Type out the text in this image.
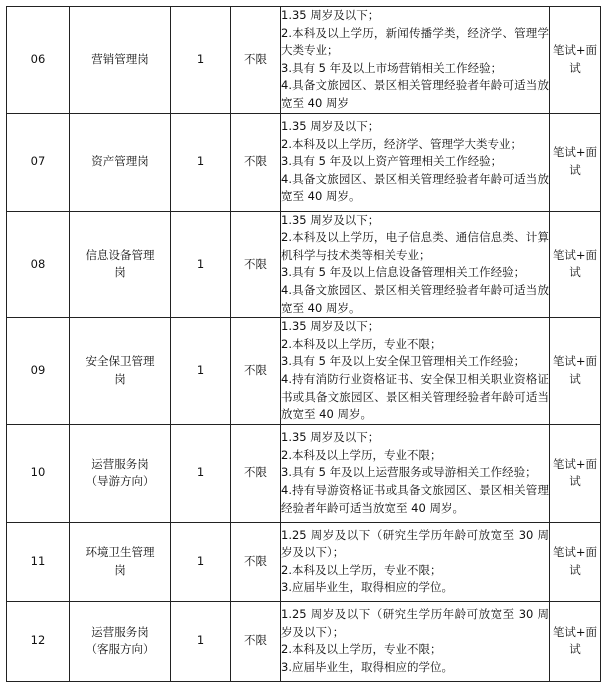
06	营销管理岗	1	不限	1.35 周岁及以下；
2.本科及以上学历，新闻传播学类，经济学、管理学大类专业；
3.具有 5 年及以上市场营销相关工作经验；
4.具备文旅园区、景区相关管理经验者年龄可适当放宽至 40 周岁	笔试+面试
07	资产管理岗	1	不限	1.35 周岁及以下；
2.本科及以上学历，经济学、管理学大类专业；
3.具有 5 年及以上资产管理相关工作经验；
4.具备文旅园区、景区相关管理经验者年龄可适当放宽至 40 周岁。	笔试+面试
08	信息设备管理
岗	1	不限	1.35 周岁及以下；
2.本科及以上学历，电子信息类、通信信息类、计算机科学与技术类等相关专业；
3.具有 5 年及以上信息设备管理相关工作经验；
4.具备文旅园区、景区相关管理经验者年龄可适当放宽至 40 周岁。	笔试+面试
09	安全保卫管理
岗	1	不限	1.35 周岁及以下；
2.本科及以上学历，专业不限；
3.具有 5 年及以上安全保卫管理相关工作经验；
4.持有消防行业资格证书、安全保卫相关职业资格证书或具备文旅园区、景区相关管理经验者年龄可适当放宽至 40 周岁。	笔试+面试
10	运营服务岗
（导游方向）	1	不限	1.35 周岁及以下；
2.本科及以上学历，专业不限；
3.具有 5 年及以上运营服务或导游相关工作经验；
4.持有导游资格证书或具备文旅园区、景区相关管理经验者年龄可适当放宽至 40 周岁。	笔试+面试
11	环境卫生管理
岗	1	不限	1.25 周岁及以下（研究生学历年龄可放宽至 30 周岁及以下）；
2.本科及以上学历，专业不限；
3.应届毕业生，取得相应的学位。	笔试+面试
12	运营服务岗
（客服方向）	1	不限	1.25 周岁及以下（研究生学历年龄可放宽至 30 周岁及以下）；
2.本科及以上学历，专业不限；
3.应届毕业生，取得相应的学位。	笔试+面试
